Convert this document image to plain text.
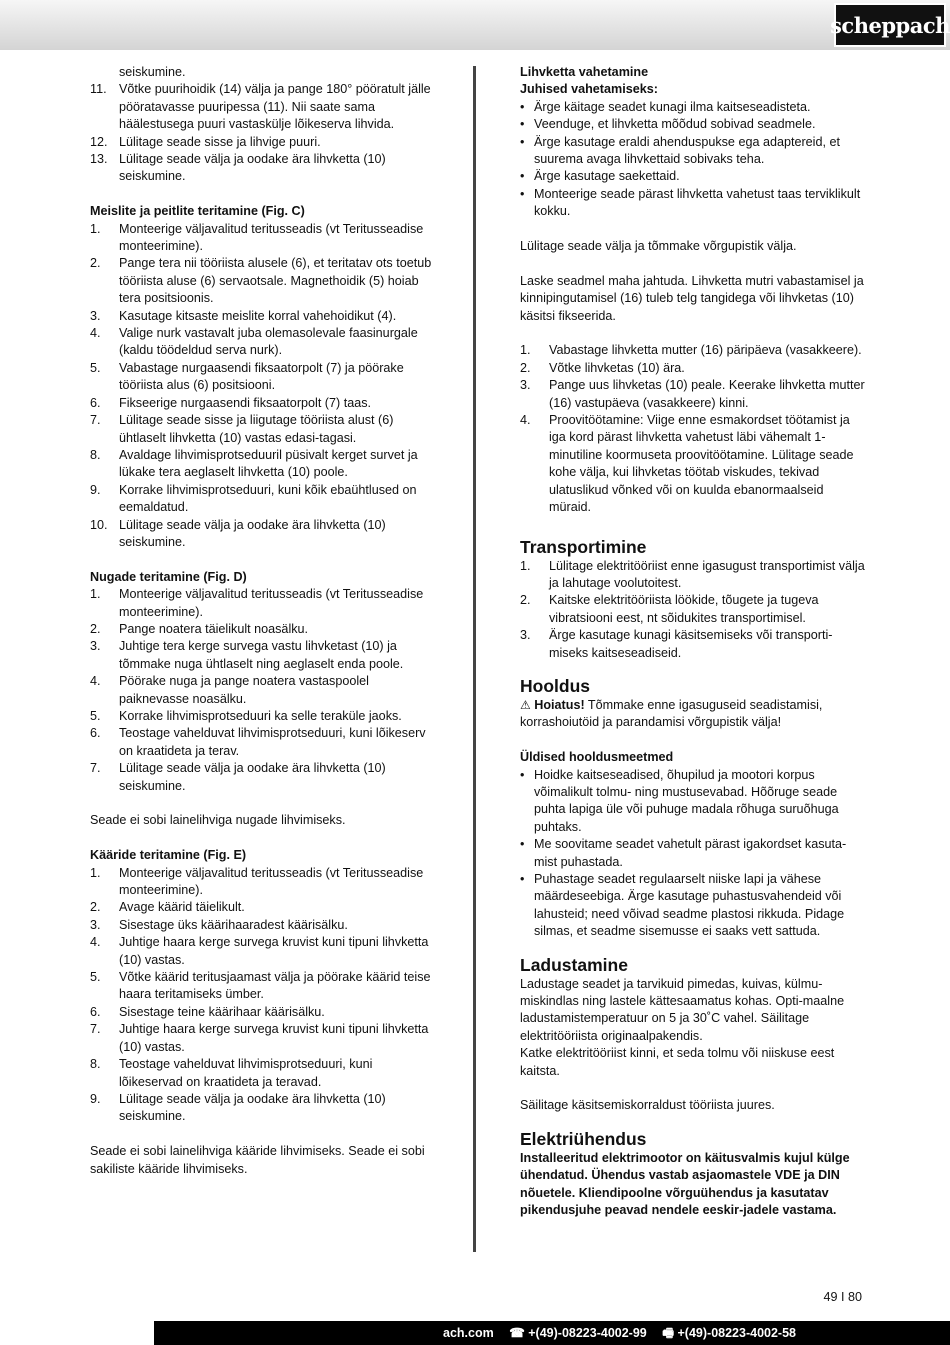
scheppach
seiskumine.
11. Võtke puurihoidik (14) välja ja pange 180° pööratult jälle pööratavasse puuripessa (11). Nii saate sama häälestusega puuri vastaskülje lõikeserva lihvida.
12. Lülitage seade sisse ja lihvige puuri.
13. Lülitage seade välja ja oodake ära lihvketta (10) seiskumine.
Meislite ja peitlite teritamine (Fig. C)
1. Monteerige väljavalitud teritusseadis (vt Teritusseadise monteerimine).
2. Pange tera nii tööriista alusele (6), et teritatav ots toetub tööriista aluse (6) servaotsale. Magnethoidik (5) hoiab tera positsioonis.
3. Kasutage kitsaste meislite korral vahehoidikut (4).
4. Valige nurk vastavalt juba olemasolevale faasinurgale (kaldu töödeldud serva nurk).
5. Vabastage nurgaasendi fiksaatorpolt (7) ja pöörake tööriista alus (6) positsiooni.
6. Fikseerige nurgaasendi fiksaatorpolt (7) taas.
7. Lülitage seade sisse ja liigutage tööriista alust (6) ühtlaselt lihvketta (10) vastas edasi-tagasi.
8. Avaldage lihvimisprotseduuril püsivalt kerget survet ja lükake tera aeglaselt lihvketta (10) poole.
9. Korrake lihvimisprotseduuri, kuni kõik ebaühtlused on eemaldatud.
10. Lülitage seade välja ja oodake ära lihvketta (10) seiskumine.
Nugade teritamine (Fig. D)
1. Monteerige väljavalitud teritusseadis (vt Teritusseadise monteerimine).
2. Pange noatera täielikult noasälku.
3. Juhtige tera kerge survega vastu lihvketast (10) ja tõmmake nuga ühtlaselt ning aeglaselt enda poole.
4. Pöörake nuga ja pange noatera vastaspoolel paiknevasse noasälku.
5. Korrake lihvimisprotseduuri ka selle teraküle jaoks.
6. Teostage vahelduvat lihvimisprotseduuri, kuni lõikeserv on kraatideta ja terav.
7. Lülitage seade välja ja oodake ära lihvketta (10) seiskumine.
Seade ei sobi lainelihviga nugade lihvimiseks.
Kääride teritamine (Fig. E)
1. Monteerige väljavalitud teritusseadis (vt Teritusseadise monteerimine).
2. Avage käärid täielikult.
3. Sisestage üks käärihaaradest käärisälku.
4. Juhtige haara kerge survega kruvist kuni tipuni lihvketta (10) vastas.
5. Võtke käärid teritusjaamast välja ja pöörake käärid teise haara teritamiseks ümber.
6. Sisestage teine käärihaar käärisälku.
7. Juhtige haara kerge survega kruvist kuni tipuni lihvketta (10) vastas.
8. Teostage vahelduvat lihvimisprotseduuri, kuni lõikeservad on kraatideta ja teravad.
9. Lülitage seade välja ja oodake ära lihvketta (10) seiskumine.
Seade ei sobi lainelihviga kääride lihvimiseks. Seade ei sobi sakiliste kääride lihvimiseks.
Lihvketta vahetamine
Juhised vahetamiseks:
• Ärge käitage seadet kunagi ilma kaitseseadisteta.
• Veenduge, et lihvketta mõõdud sobivad seadmele.
• Ärge kasutage eraldi ahenduspukse ega adaptereid, et suurema avaga lihvkettaid sobivaks teha.
• Ärge kasutage saekettaid.
• Monteerige seade pärast lihvketta vahetust taas terviklikult kokku.
Lülitage seade välja ja tõmmake võrgupistik välja.
Laske seadmel maha jahtuda. Lihvketta mutri vabastamisel ja kinnipingutamisel (16) tuleb telg tangidega või lihvketas (10) käsitsi fikseerida.
1. Vabastage lihvketta mutter (16) päripäeva (vasakkeere).
2. Võtke lihvketas (10) ära.
3. Pange uus lihvketas (10) peale. Keerake lihvketta mutter (16) vastupäeva (vasakkeere) kinni.
4. Proovitöötamine: Viige enne esmakordset töötamist ja iga kord pärast lihvketta vahetust läbi vähemalt 1-minutiline koormuseta proovitöötamine. Lülitage seade kohe välja, kui lihvketas töötab viskudes, tekivad ulatuslikud võnked või on kuulda ebanormaalseid müraid.
Transportimine
1. Lülitage elektritööriist enne igasugust transportimist välja ja lahutage voolutoitest.
2. Kaitske elektritööriista löökide, tõugete ja tugeva vibratsiooni eest, nt sõidukites transportimisel.
3. Ärge kasutage kunagi käsitsemiseks või transporti-miseks kaitseseadiseid.
Hooldus
⚠ Hoiatus! Tõmmake enne igasuguseid seadistamisi, korrashoiutöid ja parandamisi võrgupistik välja!
Üldised hooldusmeetmed
• Hoidke kaitseseadised, õhupilud ja mootori korpus võimalikult tolmu- ning mustusevabad. Hõõruge seade puhta lapiga üle või puhuge madala rõhuga suruõhuga puhtaks.
• Me soovitame seadet vahetult pärast igakordset kasuta-mist puhastada.
• Puhastage seadet regulaarselt niiske lapi ja vähese määrdeseebiga. Ärge kasutage puhastusvahendeid või lahusteid; need võivad seadme plastosi rikkuda. Pidage silmas, et seadme sisemusse ei saaks vett sattuda.
Ladustamine
Ladustage seadet ja tarvikuid pimedas, kuivas, külmu-miskindlas ning lastele kättesaamatus kohas. Opti-maalne ladustamistemperatuur on 5 ja 30˚C vahel. Säilitage elektritööriista originaalpakendis.
Katke elektritööriist kinni, et seda tolmu või niiskuse eest kaitsta.
Säilitage käsitsemiskorraldust tööriista juures.
Elektriühendus
Installeeritud elektrimootor on käitusvalmis kujul külge ühendatud. Ühendus vastab asjaomastele VDE ja DIN nõuetele. Kliendipoolne võrguühendus ja kasutatav pikendusjuhe peavad nendele eeskir-jadele vastama.
49 I 80
ach.com ☎ +(49)-08223-4002-99 🖷 +(49)-08223-4002-58
